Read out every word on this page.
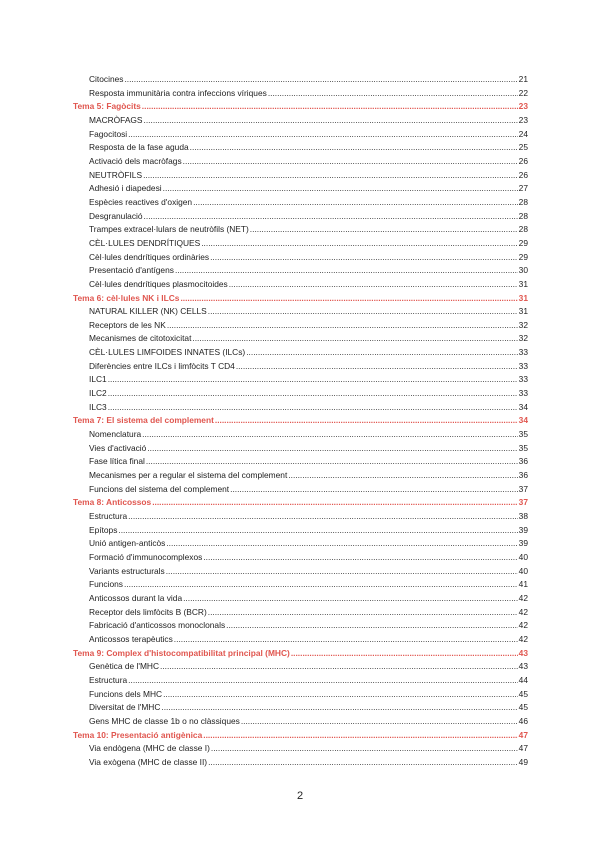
Citocines .....	21
Resposta immunitària contra infeccions víriques .....	22
Tema 5: Fagòcits .....	23
MACRÒFAGS .....	23
Fagocitosi .....	24
Resposta de la fase aguda .....	25
Activació dels macròfags .....	26
NEUTRÒFILS .....	26
Adhesió i diapedesi .....	27
Espècies reactives d'oxigen .....	28
Desgranulació .....	28
Trampes extracel·lulars de neutròfils (NET) .....	28
CÈL·LULES DENDRÍTIQUES .....	29
Cèl·lules dendrítiques ordinàries .....	29
Presentació d'antígens .....	30
Cèl·lules dendrítiques plasmocitoides .....	31
Tema 6: cèl·lules NK i ILCs .....	31
NATURAL KILLER (NK) CELLS .....	31
Receptors de les NK .....	32
Mecanismes de citotoxicitat .....	32
CÈL·LULES LIMFOIDES INNATES (ILCs) .....	33
Diferències entre ILCs i limfòcits T CD4 .....	33
ILC1 .....	33
ILC2 .....	33
ILC3 .....	34
Tema 7: El sistema del complement .....	34
Nomenclatura .....	35
Vies d'activació .....	35
Fase lítica final .....	36
Mecanismes per a regular el sistema del complement .....	36
Funcions del sistema del complement .....	37
Tema 8: Anticossos .....	37
Estructura .....	38
Epítops .....	39
Unió antigen-anticòs .....	39
Formació d'immunocomplexos .....	40
Variants estructurals .....	40
Funcions .....	41
Anticossos durant la vida .....	42
Receptor dels limfòcits B (BCR) .....	42
Fabricació d'anticossos monoclonals .....	42
Anticossos terapèutics .....	42
Tema 9: Complex d'histocompatibilitat principal (MHC) .....	43
Genètica de l'MHC .....	43
Estructura .....	44
Funcions dels MHC .....	45
Diversitat de l'MHC .....	45
Gens MHC de classe 1b o no clàssiques .....	46
Tema 10: Presentació antigènica .....	47
Via endògena (MHC de classe I) .....	47
Via exògena (MHC de classe II) .....	49
2
